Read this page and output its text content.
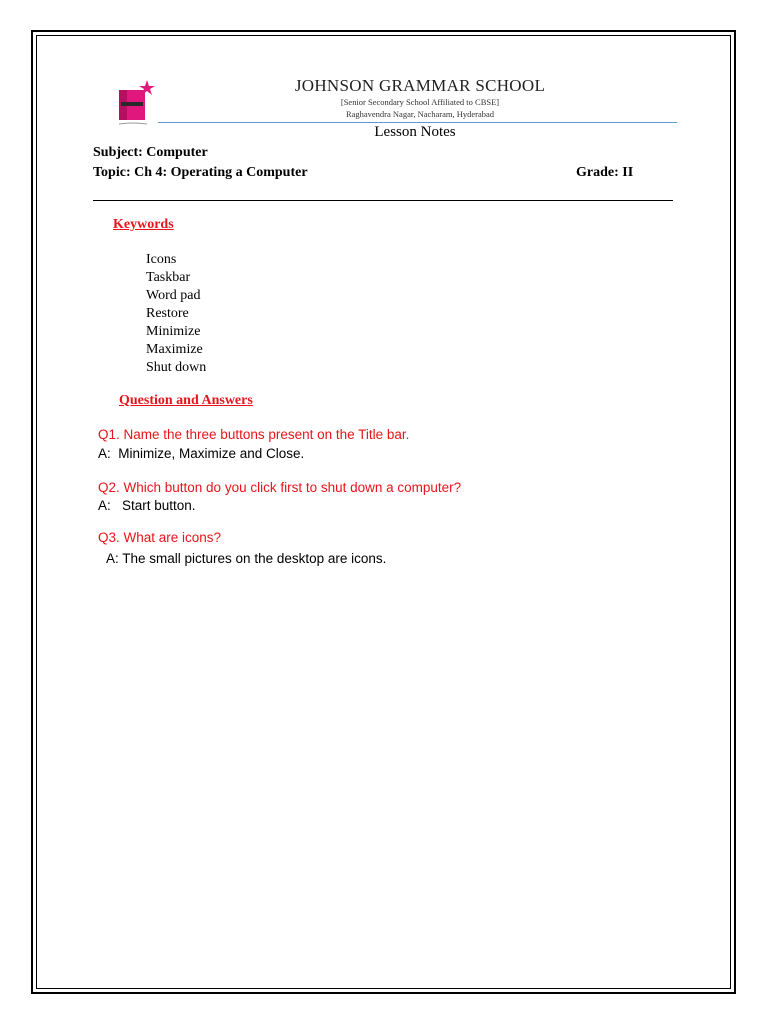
JOHNSON GRAMMAR SCHOOL
[Senior Secondary School Affiliated to CBSE]
Raghavendra Nagar, Nacharam, Hyderabad
Lesson Notes
Subject: Computer
Topic: Ch 4: Operating a Computer	Grade: II
Keywords
Icons
Taskbar
Word pad
Restore
Minimize
Maximize
Shut down
Question and Answers
Q1. Name the three buttons present on the Title bar.
A:  Minimize, Maximize and Close.
Q2. Which button do you click first to shut down a computer?
A:   Start button.
Q3. What are icons?
A: The small pictures on the desktop are icons.
